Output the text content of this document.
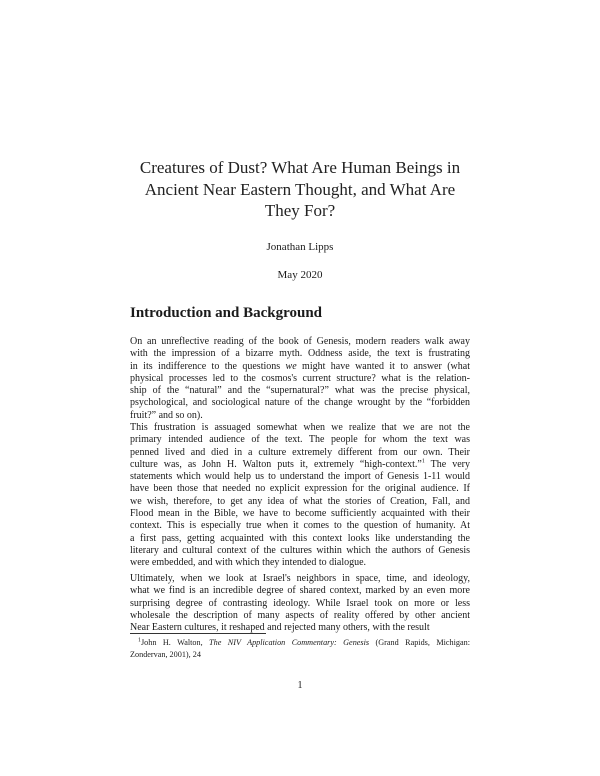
Creatures of Dust? What Are Human Beings in
Ancient Near Eastern Thought, and What Are
They For?
Jonathan Lipps
May 2020
Introduction and Background
On an unreflective reading of the book of Genesis, modern readers walk away
with the impression of a bizarre myth. Oddness aside, the text is frustrating
in its indifference to the questions we might have wanted it to answer (what
physical processes led to the cosmos's current structure? what is the relation-
ship of the “natural” and the “supernatural?” what was the precise physical,
psychological, and sociological nature of the change wrought by the “forbidden
fruit?” and so on).
This frustration is assuaged somewhat when we realize that we are not the
primary intended audience of the text. The people for whom the text was
penned lived and died in a culture extremely different from our own. Their
culture was, as John H. Walton puts it, extremely “high-context.”$^1$ The very
statements which would help us to understand the import of Genesis 1-11 would
have been those that needed no explicit expression for the original audience. If
we wish, therefore, to get any idea of what the stories of Creation, Fall, and
Flood mean in the Bible, we have to become sufficiently acquainted with their
context. This is especially true when it comes to the question of humanity. At
a first pass, getting acquainted with this context looks like understanding the
literary and cultural context of the cultures within which the authors of Genesis
were embedded, and with which they intended to dialogue.
Ultimately, when we look at Israel's neighbors in space, time, and ideology,
what we find is an incredible degree of shared context, marked by an even more
surprising degree of contrasting ideology. While Israel took on more or less
wholesale the description of many aspects of reality offered by other ancient
Near Eastern cultures, it reshaped and rejected many others, with the result
$^1$John H. Walton, The NIV Application Commentary: Genesis (Grand Rapids, Michigan:
Zondervan, 2001), 24
1
